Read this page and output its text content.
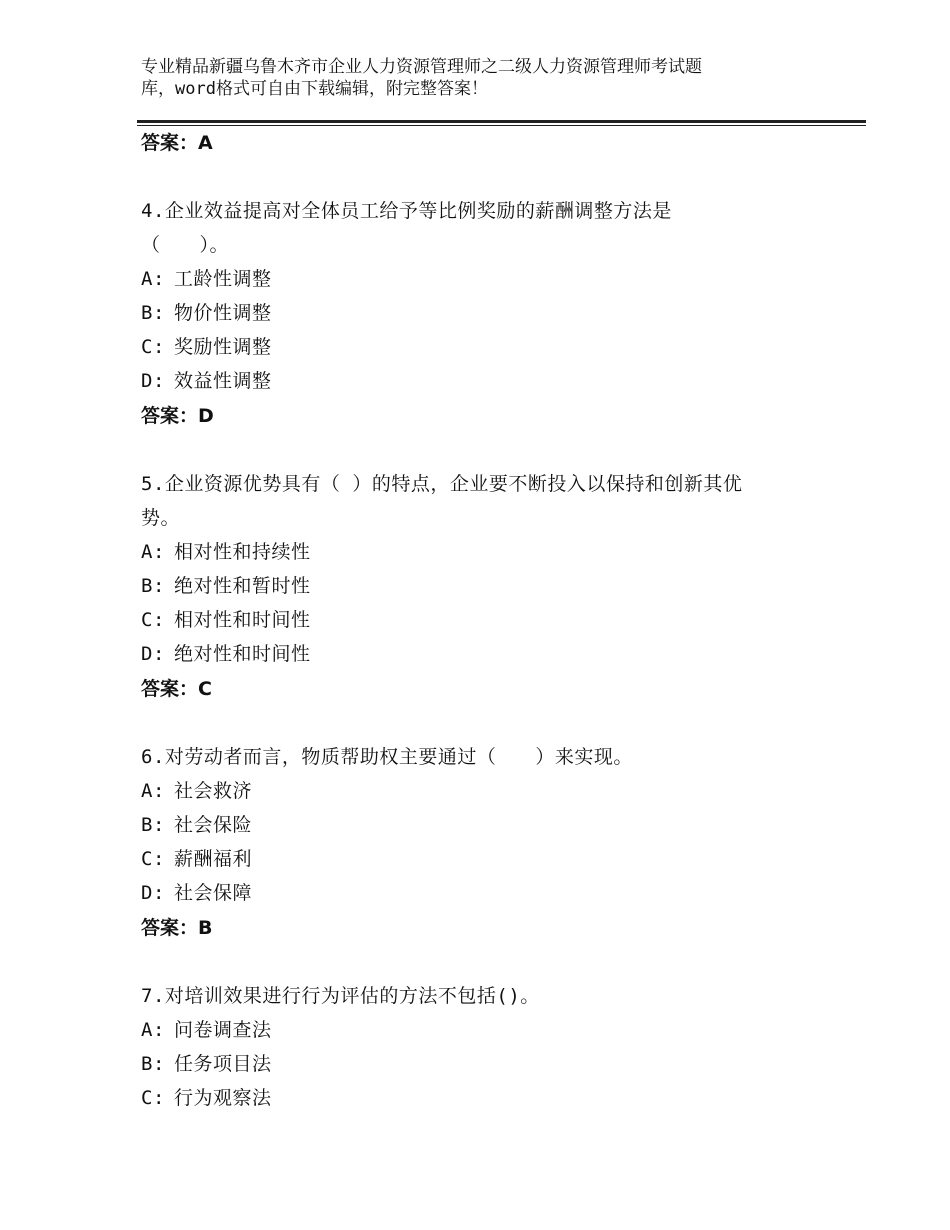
专业精品新疆乌鲁木齐市企业人力资源管理师之二级人力资源管理师考试题
库，word格式可自由下载编辑，附完整答案！
答案：A
4.企业效益提高对全体员工给予等比例奖励的薪酬调整方法是
（　　）。
A: 工龄性调整
B: 物价性调整
C: 奖励性调整
D: 效益性调整
答案：D
5.企业资源优势具有（ ）的特点，企业要不断投入以保持和创新其优
势。
A: 相对性和持续性
B: 绝对性和暂时性
C: 相对性和时间性
D: 绝对性和时间性
答案：C
6.对劳动者而言，物质帮助权主要通过（　　）来实现。
A: 社会救济
B: 社会保险
C: 薪酬福利
D: 社会保障
答案：B
7.对培训效果进行行为评估的方法不包括()。
A: 问卷调查法
B: 任务项目法
C: 行为观察法
